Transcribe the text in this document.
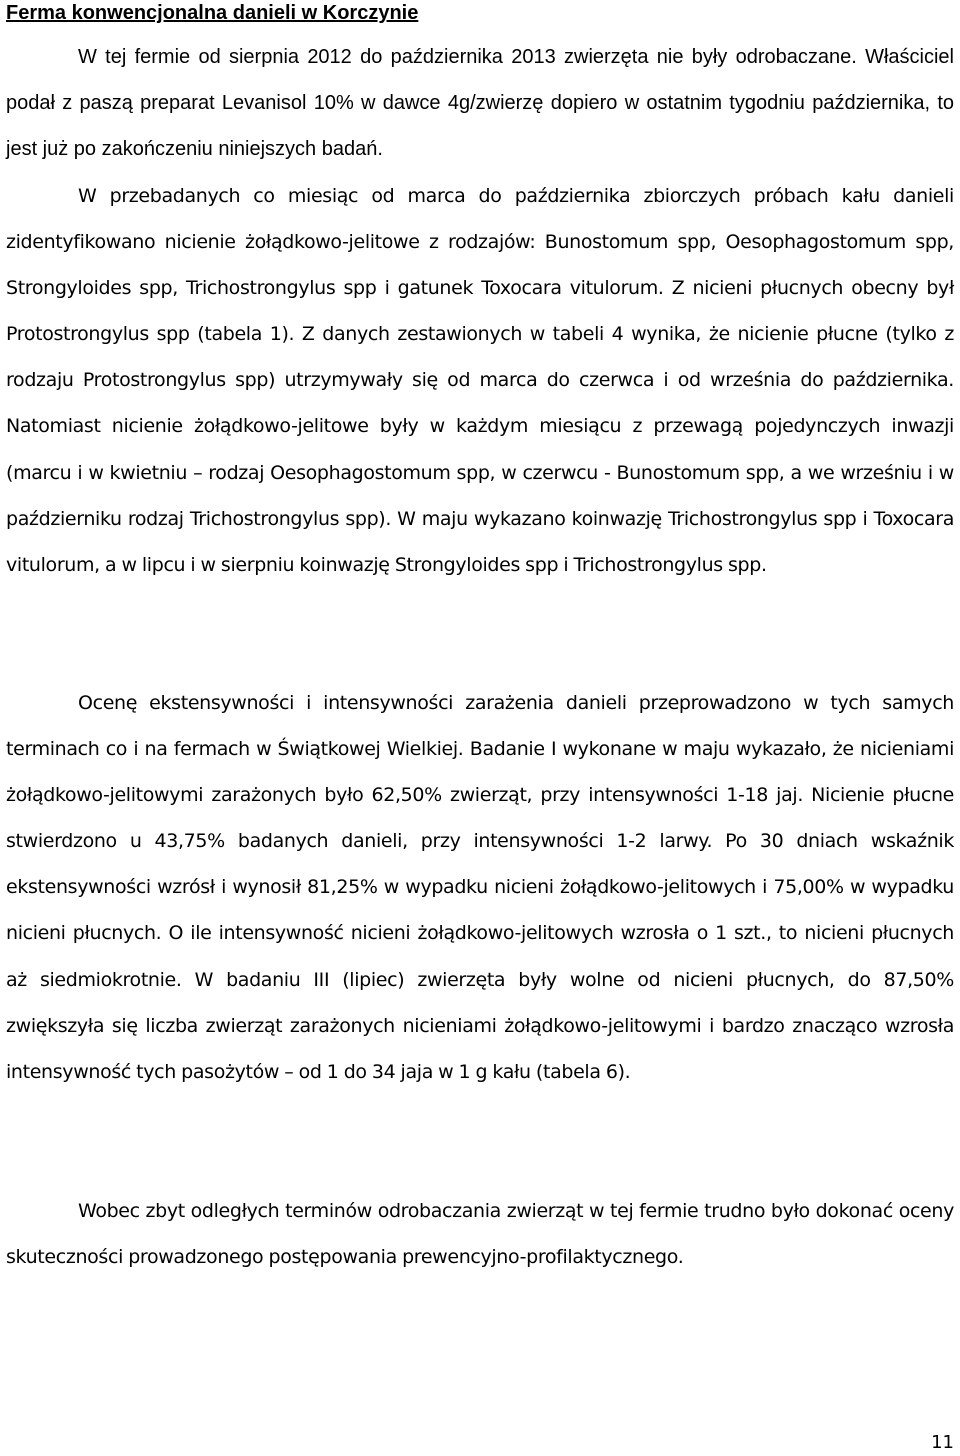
Ferma konwencjonalna danieli w Korczynie

W tej fermie od sierpnia 2012 do października 2013 zwierzęta nie były odrobaczane. Właściciel podał z paszą preparat Levanisol 10% w dawce 4g/zwierzę dopiero w ostatnim tygodniu października, to jest już po zakończeniu niniejszych badań.

W przebadanych co miesiąc od marca do października zbiorczych próbach kału danieli zidentyfikowano nicienie żołądkowo-jelitowe z rodzajów: Bunostomum spp, Oesophagostomum spp, Strongyloides spp, Trichostrongylus spp i gatunek Toxocara vitulorum. Z nicieni płucnych obecny był Protostrongylus spp (tabela 1). Z danych zestawionych w tabeli 4 wynika, że nicienie płucne (tylko z rodzaju Protostrongylus spp) utrzymywały się od marca do czerwca i od września do października. Natomiast nicienie żołądkowo-jelitowe były w każdym miesiącu z przewagą pojedynczych inwazji (marcu i w kwietniu – rodzaj Oesophagostomum spp, w czerwcu - Bunostomum spp, a we wrześniu i w październiku rodzaj Trichostrongylus spp). W maju wykazano koinwazję Trichostrongylus spp i Toxocara vitulorum, a w lipcu i w sierpniu koinwazję Strongyloides spp i Trichostrongylus spp.

Ocenę ekstensywności i intensywności zarażenia danieli przeprowadzono w tych samych terminach co i na fermach w Świątkowej Wielkiej. Badanie I wykonane w maju wykazało, że nicieniami żołądkowo-jelitowymi zarażonych było 62,50% zwierząt, przy intensywności 1-18 jaj. Nicienie płucne stwierdzono u 43,75% badanych danieli, przy intensywności 1-2 larwy. Po 30 dniach wskaźnik ekstensywności wzrósł i wynosił 81,25% w wypadku nicieni żołądkowo-jelitowych i 75,00% w wypadku nicieni płucnych. O ile intensywność nicieni żołądkowo-jelitowych wzrosła o 1 szt., to nicieni płucnych aż siedmiokrotnie. W badaniu III (lipiec) zwierzęta były wolne od nicieni płucnych, do 87,50% zwiększyła się liczba zwierząt zarażonych nicieniami żołądkowo-jelitowymi i bardzo znacząco wzrosła intensywność tych pasożytów – od 1 do 34 jaja w 1 g kału (tabela 6).

Wobec zbyt odległych terminów odrobaczania zwierząt w tej fermie trudno było dokonać oceny skuteczności prowadzonego postępowania prewencyjno-profilaktycznego.

11
